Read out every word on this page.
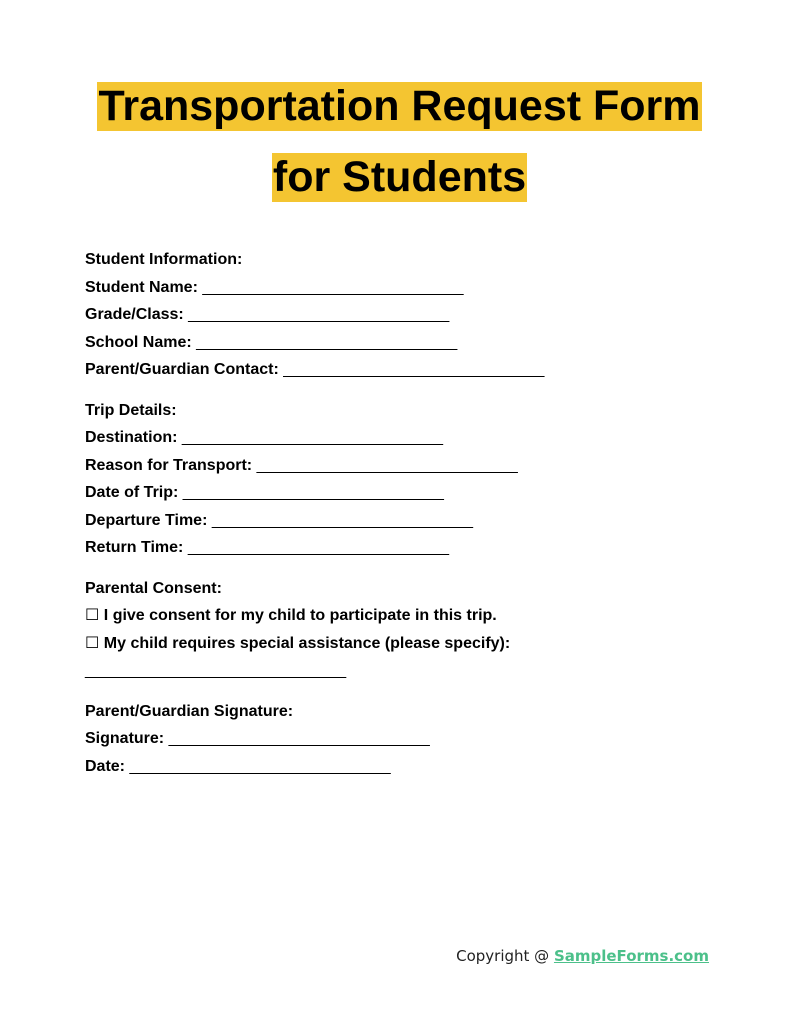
Transportation Request Form
for Students
Student Information:
Student Name: ______________________________
Grade/Class: ______________________________
School Name: ______________________________
Parent/Guardian Contact: ______________________________
Trip Details:
Destination: ______________________________
Reason for Transport: ______________________________
Date of Trip: ______________________________
Departure Time: ______________________________
Return Time: ______________________________
Parental Consent:
☐ I give consent for my child to participate in this trip.
☐ My child requires special assistance (please specify):
______________________________
Parent/Guardian Signature:
Signature: ______________________________
Date: ______________________________
Copyright @ SampleForms.com
